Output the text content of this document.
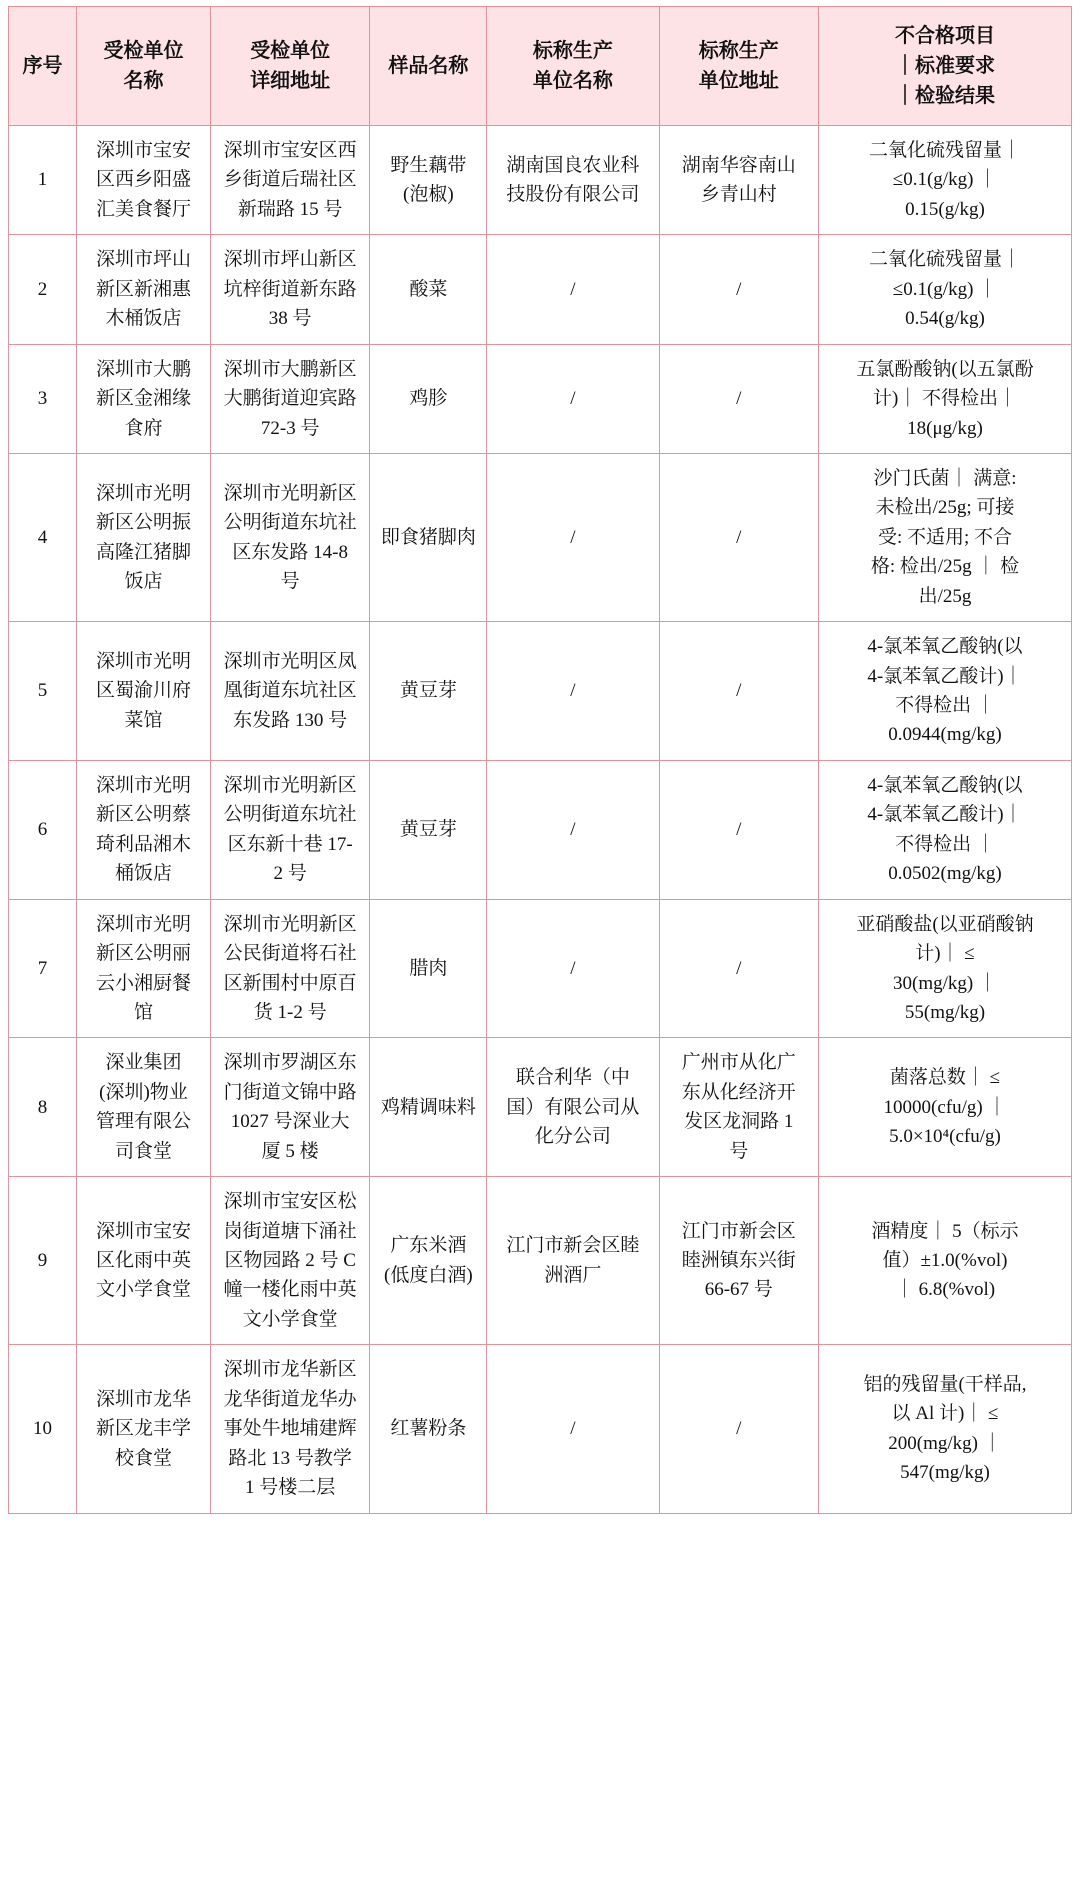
序号	受检单位
名称	受检单位
详细地址	样品名称	标称生产
单位名称	标称生产
单位地址	不合格项目
｜标准要求
｜检验结果

1	深圳市宝安
区西乡阳盛
汇美食餐厅	深圳市宝安区西
乡街道后瑞社区
新瑞路 15 号	野生藕带
(泡椒)	湖南国良农业科
技股份有限公司	湖南华容南山
乡青山村	二氧化硫残留量｜
≤0.1(g/kg) ｜
0.15(g/kg)

2	深圳市坪山
新区新湘惠
木桶饭店	深圳市坪山新区
坑梓街道新东路
38 号	酸菜	/	/	二氧化硫残留量｜
≤0.1(g/kg) ｜
0.54(g/kg)

3	深圳市大鹏
新区金湘缘
食府	深圳市大鹏新区
大鹏街道迎宾路
72-3 号	鸡胗	/	/	五氯酚酸钠(以五氯酚
计)｜ 不得检出｜
18(μg/kg)

4	深圳市光明
新区公明振
高隆江猪脚
饭店	深圳市光明新区
公明街道东坑社
区东发路 14-8
号	即食猪脚肉	/	/	沙门氏菌｜ 满意:
未检出/25g; 可接
受: 不适用; 不合
格: 检出/25g ｜ 检
出/25g

5	深圳市光明
区蜀渝川府
菜馆	深圳市光明区凤
凰街道东坑社区
东发路 130 号	黄豆芽	/	/	4-氯苯氧乙酸钠(以
4-氯苯氧乙酸计)｜
不得检出 ｜
0.0944(mg/kg)

6	深圳市光明
新区公明蔡
琦利品湘木
桶饭店	深圳市光明新区
公明街道东坑社
区东新十巷 17-
2 号	黄豆芽	/	/	4-氯苯氧乙酸钠(以
4-氯苯氧乙酸计)｜
不得检出 ｜
0.0502(mg/kg)

7	深圳市光明
新区公明丽
云小湘厨餐
馆	深圳市光明新区
公民街道将石社
区新围村中原百
货 1-2 号	腊肉	/	/	亚硝酸盐(以亚硝酸钠
计)｜ ≤
30(mg/kg) ｜
55(mg/kg)

8	深业集团
(深圳)物业
管理有限公
司食堂	深圳市罗湖区东
门街道文锦中路
1027 号深业大
厦 5 楼	鸡精调味料	联合利华（中
国）有限公司从
化分公司	广州市从化广
东从化经济开
发区龙洞路 1
号	菌落总数｜ ≤
10000(cfu/g) ｜
5.0×10⁴(cfu/g)

9	深圳市宝安
区化雨中英
文小学食堂	深圳市宝安区松
岗街道塘下涌社
区物园路 2 号 C
幢一楼化雨中英
文小学食堂	广东米酒
(低度白酒)	江门市新会区睦
洲酒厂	江门市新会区
睦洲镇东兴街
66-67 号	酒精度｜ 5（标示
值）±1.0(%vol)
｜ 6.8(%vol)

10	深圳市龙华
新区龙丰学
校食堂	深圳市龙华新区
龙华街道龙华办
事处牛地埔建辉
路北 13 号教学
1 号楼二层	红薯粉条	/	/	铝的残留量(干样品,
以 Al 计)｜ ≤
200(mg/kg) ｜
547(mg/kg)
